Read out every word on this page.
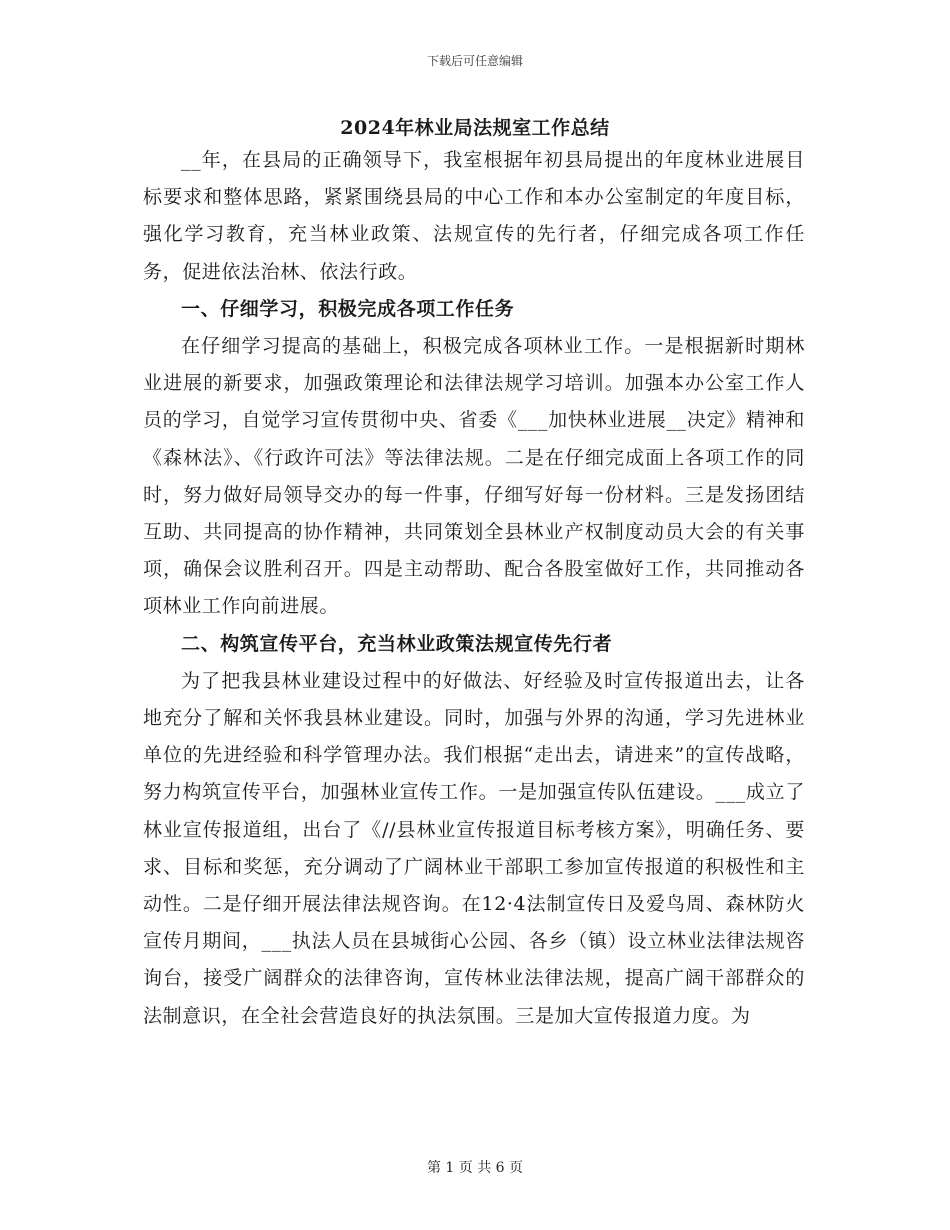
下载后可任意编辑
2024年林业局法规室工作总结

__年，在县局的正确领导下，我室根据年初县局提出的年度林业进展目标要求和整体思路，紧紧围绕县局的中心工作和本办公室制定的年度目标，强化学习教育，充当林业政策、法规宣传的先行者，仔细完成各项工作任务，促进依法治林、依法行政。

一、仔细学习，积极完成各项工作任务

在仔细学习提高的基础上，积极完成各项林业工作。一是根据新时期林业进展的新要求，加强政策理论和法律法规学习培训。加强本办公室工作人员的学习，自觉学习宣传贯彻中央、省委《___加快林业进展__决定》精神和《森林法》、《行政许可法》等法律法规。二是在仔细完成面上各项工作的同时，努力做好局领导交办的每一件事，仔细写好每一份材料。三是发扬团结互助、共同提高的协作精神，共同策划全县林业产权制度动员大会的有关事项，确保会议胜利召开。四是主动帮助、配合各股室做好工作，共同推动各项林业工作向前进展。

二、构筑宣传平台，充当林业政策法规宣传先行者

为了把我县林业建设过程中的好做法、好经验及时宣传报道出去，让各地充分了解和关怀我县林业建设。同时，加强与外界的沟通，学习先进林业单位的先进经验和科学管理办法。我们根据“走出去，请进来”的宣传战略，努力构筑宣传平台，加强林业宣传工作。一是加强宣传队伍建设。___成立了林业宣传报道组，出台了《//县林业宣传报道目标考核方案》，明确任务、要求、目标和奖惩，充分调动了广阔林业干部职工参加宣传报道的积极性和主动性。二是仔细开展法律法规咨询。在12·4法制宣传日及爱鸟周、森林防火宣传月期间，___执法人员在县城街心公园、各乡（镇）设立林业法律法规咨询台，接受广阔群众的法律咨询，宣传林业法律法规，提高广阔干部群众的法制意识，在全社会营造良好的执法氛围。三是加大宣传报道力度。为

第 1 页 共 6 页
